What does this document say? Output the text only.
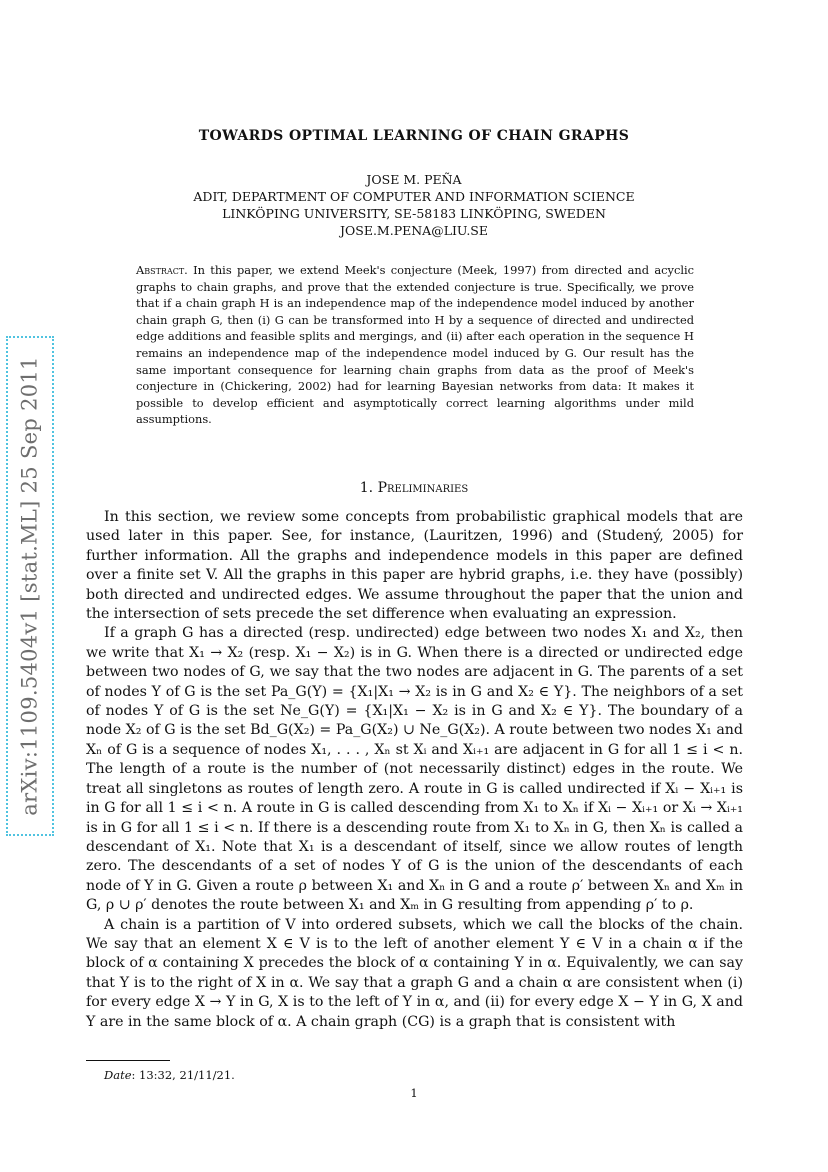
arXiv:1109.5404v1 [stat.ML] 25 Sep 2011
TOWARDS OPTIMAL LEARNING OF CHAIN GRAPHS
JOSE M. PEÑA
ADIT, DEPARTMENT OF COMPUTER AND INFORMATION SCIENCE
LINKÖPING UNIVERSITY, SE-58183 LINKÖPING, SWEDEN
JOSE.M.PENA@LIU.SE
Abstract. In this paper, we extend Meek's conjecture (Meek, 1997) from directed and acyclic graphs to chain graphs, and prove that the extended conjecture is true. Specifically, we prove that if a chain graph H is an independence map of the independence model induced by another chain graph G, then (i) G can be transformed into H by a sequence of directed and undirected edge additions and feasible splits and mergings, and (ii) after each operation in the sequence H remains an independence map of the independence model induced by G. Our result has the same important consequence for learning chain graphs from data as the proof of Meek's conjecture in (Chickering, 2002) had for learning Bayesian networks from data: It makes it possible to develop efficient and asymptotically correct learning algorithms under mild assumptions.
1. Preliminaries

In this section, we review some concepts from probabilistic graphical models that are used later in this paper. See, for instance, (Lauritzen, 1996) and (Studený, 2005) for further information. All the graphs and independence models in this paper are defined over a finite set V. All the graphs in this paper are hybrid graphs, i.e. they have (possibly) both directed and undirected edges. We assume throughout the paper that the union and the intersection of sets precede the set difference when evaluating an expression.

If a graph G has a directed (resp. undirected) edge between two nodes X₁ and X₂, then we write that X₁ → X₂ (resp. X₁ − X₂) is in G. When there is a directed or undirected edge between two nodes of G, we say that the two nodes are adjacent in G. The parents of a set of nodes Y of G is the set Pa_G(Y) = {X₁|X₁ → X₂ is in G and X₂ ∈ Y}. The neighbors of a set of nodes Y of G is the set Ne_G(Y) = {X₁|X₁ − X₂ is in G and X₂ ∈ Y}. The boundary of a node X₂ of G is the set Bd_G(X₂) = Pa_G(X₂) ∪ Ne_G(X₂). A route between two nodes X₁ and Xₙ of G is a sequence of nodes X₁, . . . , Xₙ st Xᵢ and Xᵢ₊₁ are adjacent in G for all 1 ≤ i < n. The length of a route is the number of (not necessarily distinct) edges in the route. We treat all singletons as routes of length zero. A route in G is called undirected if Xᵢ − Xᵢ₊₁ is in G for all 1 ≤ i < n. A route in G is called descending from X₁ to Xₙ if Xᵢ − Xᵢ₊₁ or Xᵢ → Xᵢ₊₁ is in G for all 1 ≤ i < n. If there is a descending route from X₁ to Xₙ in G, then Xₙ is called a descendant of X₁. Note that X₁ is a descendant of itself, since we allow routes of length zero. The descendants of a set of nodes Y of G is the union of the descendants of each node of Y in G. Given a route ρ between X₁ and Xₙ in G and a route ρ′ between Xₙ and Xₘ in G, ρ ∪ ρ′ denotes the route between X₁ and Xₘ in G resulting from appending ρ′ to ρ.

A chain is a partition of V into ordered subsets, which we call the blocks of the chain. We say that an element X ∈ V is to the left of another element Y ∈ V in a chain α if the block of α containing X precedes the block of α containing Y in α. Equivalently, we can say that Y is to the right of X in α. We say that a graph G and a chain α are consistent when (i) for every edge X → Y in G, X is to the left of Y in α, and (ii) for every edge X − Y in G, X and Y are in the same block of α. A chain graph (CG) is a graph that is consistent with

Date: 13:32, 21/11/21.
1
